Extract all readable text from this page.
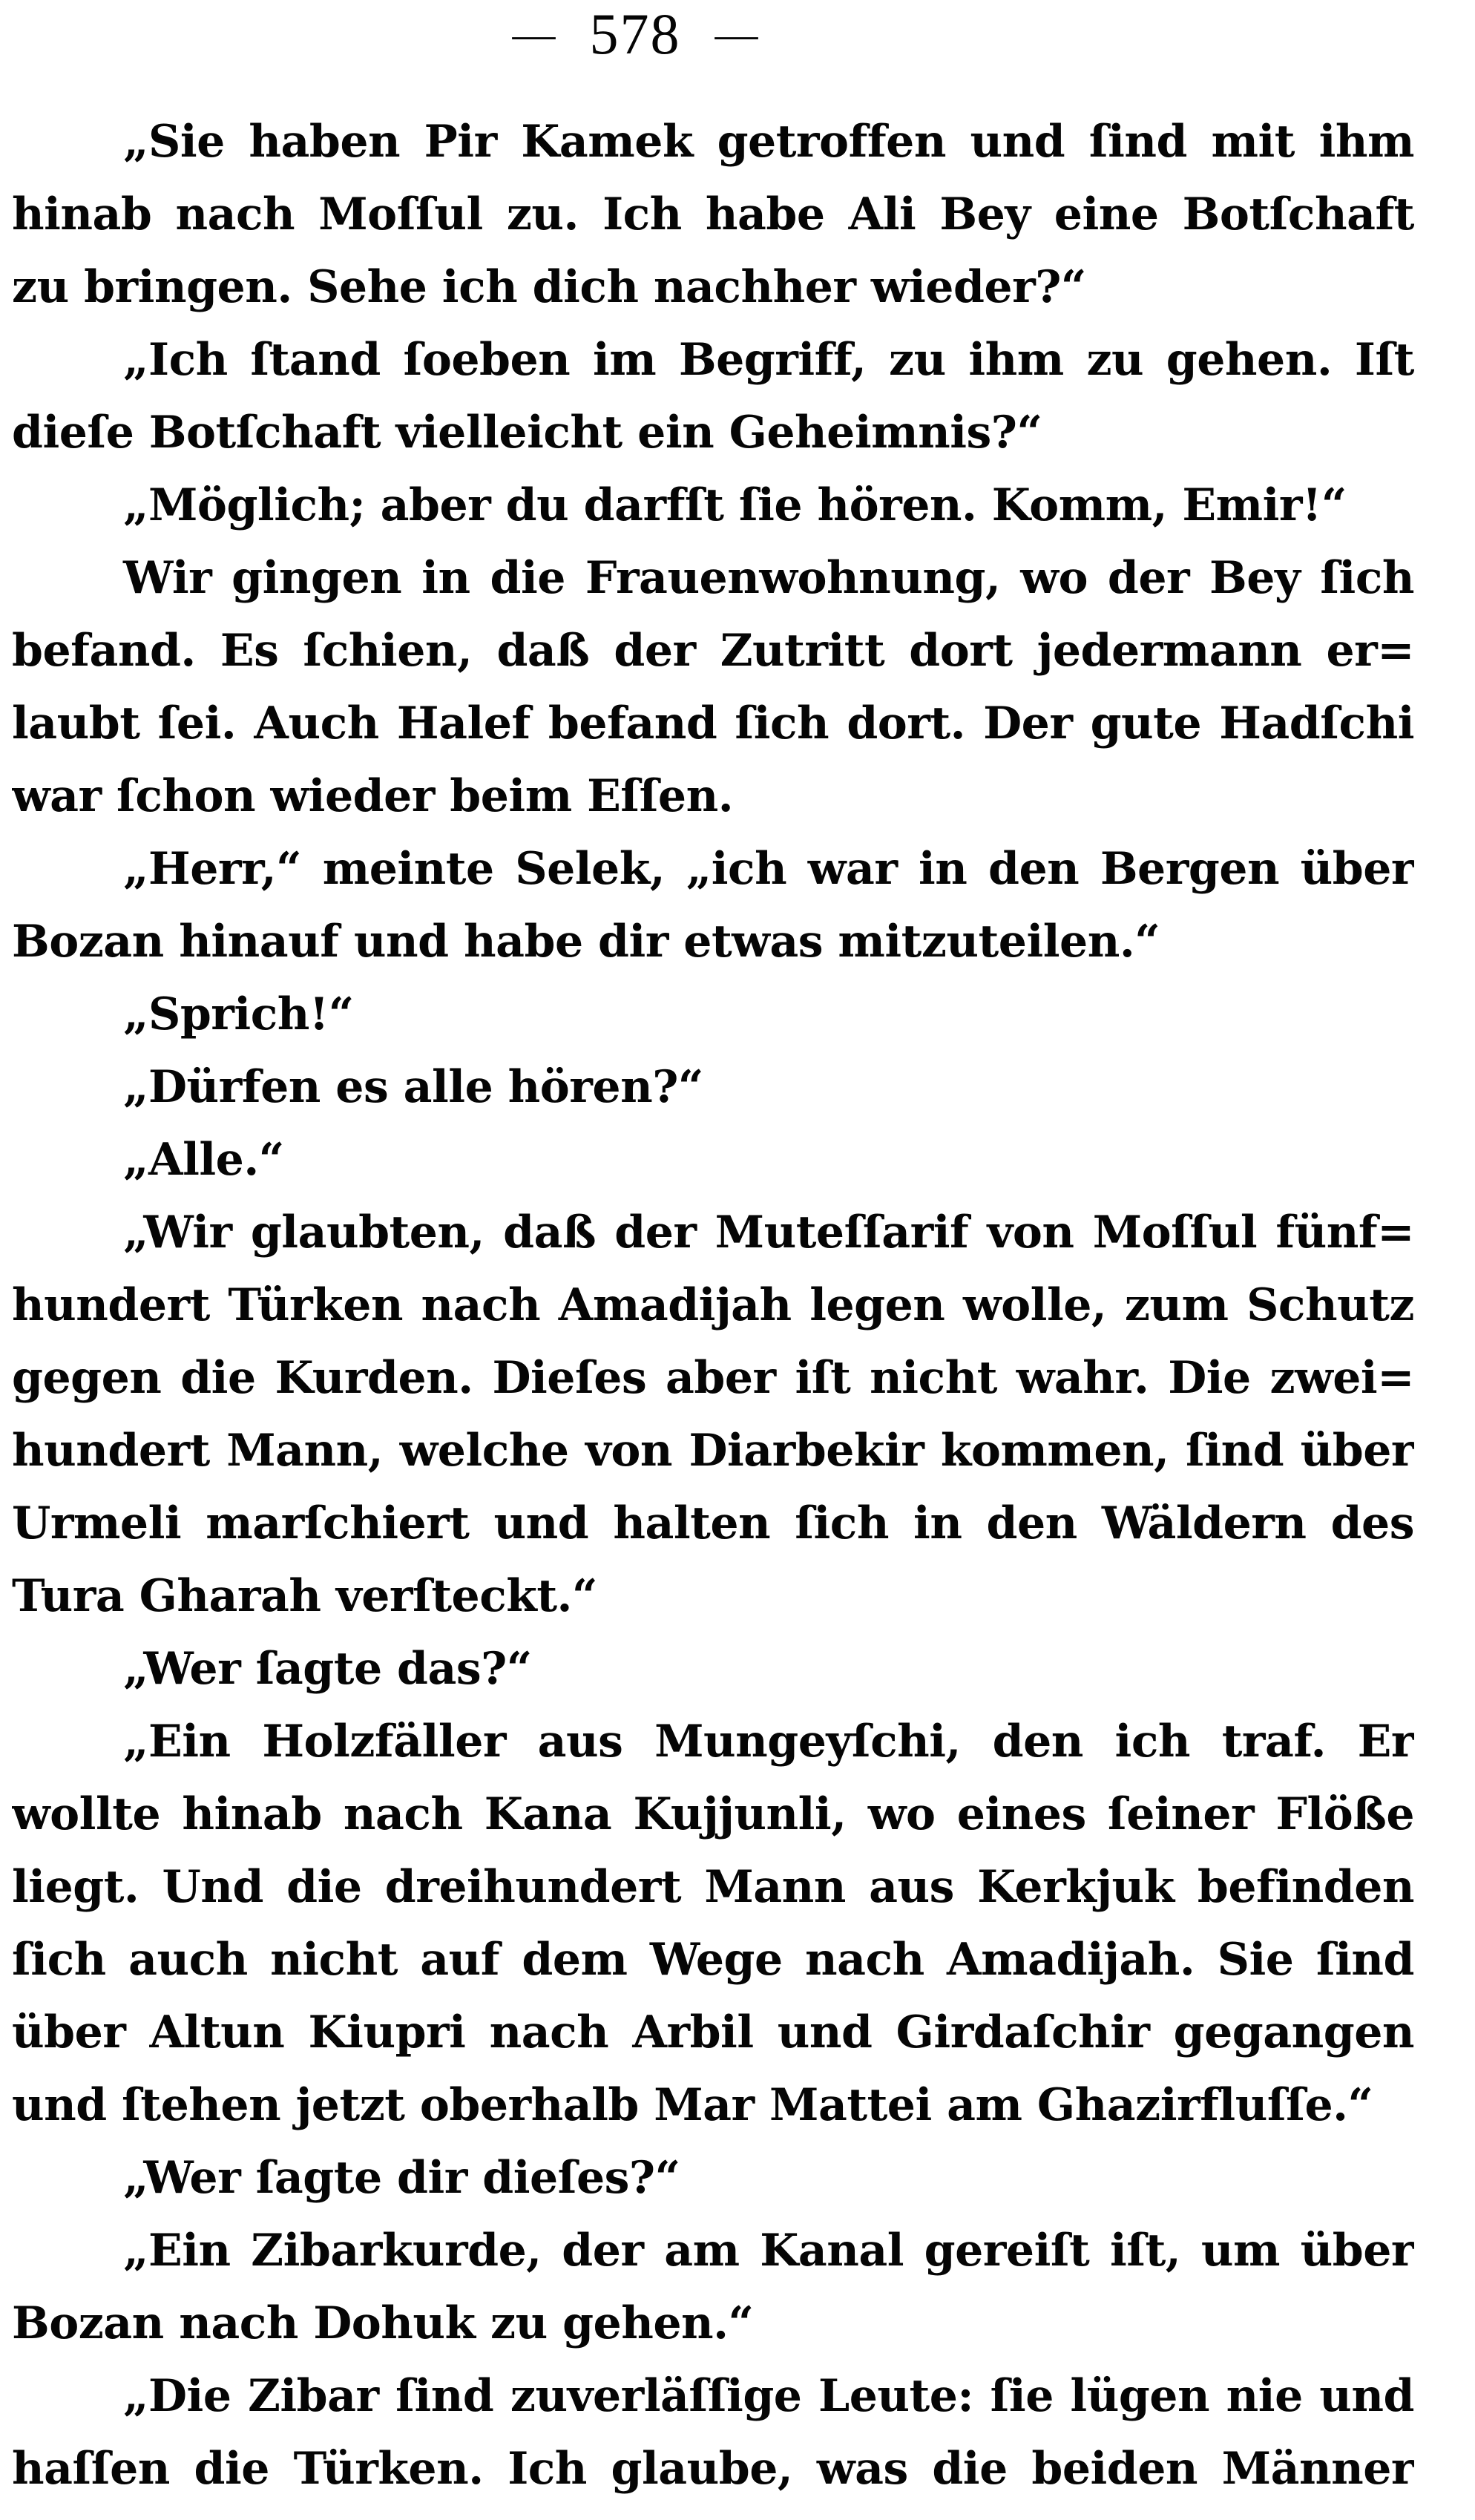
— 578 —
„Sie haben Pir Kamek getroffen und ſind mit ihm
hinab nach Moſſul zu. Ich habe Ali Bey eine Botſchaft
zu bringen. Sehe ich dich nachher wieder?“
„Ich ſtand ſoeben im Begriff, zu ihm zu gehen. Iſt
dieſe Botſchaft vielleicht ein Geheimnis?“
„Möglich; aber du darfſt ſie hören. Komm, Emir!“
Wir gingen in die Frauenwohnung, wo der Bey ſich
befand. Es ſchien, daß der Zutritt dort jedermann er=
laubt ſei. Auch Halef befand ſich dort. Der gute Hadſchi
war ſchon wieder beim Eſſen.
„Herr,“ meinte Selek, „ich war in den Bergen über
Bozan hinauf und habe dir etwas mitzuteilen.“
„Sprich!“
„Dürfen es alle hören?“
„Alle.“
„Wir glaubten, daß der Muteſſarif von Moſſul fünf=
hundert Türken nach Amadijah legen wolle, zum Schutz
gegen die Kurden. Dieſes aber iſt nicht wahr. Die zwei=
hundert Mann, welche von Diarbekir kommen, ſind über
Urmeli marſchiert und halten ſich in den Wäldern des
Tura Gharah verſteckt.“
„Wer ſagte das?“
„Ein Holzfäller aus Mungeyſchi, den ich traf. Er
wollte hinab nach Kana Kujjunli, wo eines ſeiner Flöße
liegt. Und die dreihundert Mann aus Kerkjuk befinden
ſich auch nicht auf dem Wege nach Amadijah. Sie ſind
über Altun Kiupri nach Arbil und Girdaſchir gegangen
und ſtehen jetzt oberhalb Mar Mattei am Ghazirfluſſe.“
„Wer ſagte dir dieſes?“
„Ein Zibarkurde, der am Kanal gereiſt iſt, um über
Bozan nach Dohuk zu gehen.“
„Die Zibar ſind zuverläſſige Leute: ſie lügen nie und
haſſen die Türken. Ich glaube, was die beiden Männer
